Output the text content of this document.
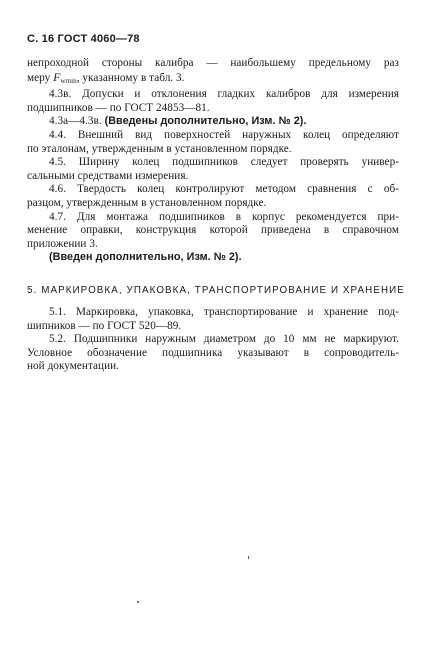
С. 16 ГОСТ 4060—78
непроходной стороны калибра — наибольшему предельному раз
меру $F_{wmin}$, указанному в табл. 3.
4.3в. Допуски и отклонения гладких калибров для измерения
подшипников — по ГОСТ 24853—81.
4.3а—4.3в. (Введены дополнительно, Изм. № 2).
4.4. Внешний вид поверхностей наружных колец определяют
по эталонам, утвержденным в установленном порядке.
4.5. Ширину колец подшипников следует проверять универ-
сальными средствами измерения.
4.6. Твердость колец контролируют методом сравнения с об-
разцом, утвержденным в установленном порядке.
4.7. Для монтажа подшипников в корпус рекомендуется при-
менение оправки, конструкция которой приведена в справочном
приложении 3.
(Введен дополнительно, Изм. № 2).
5. МАРКИРОВКА, УПАКОВКА, ТРАНСПОРТИРОВАНИЕ И ХРАНЕНИЕ
5.1. Маркировка, упаковка, транспортирование и хранение под-
шипников — по ГОСТ 520—89.
5.2. Подшипники наружным диаметром до 10 мм не маркируют.
Условное обозначение подшипника указывают в сопроводитель-
ной документации.
